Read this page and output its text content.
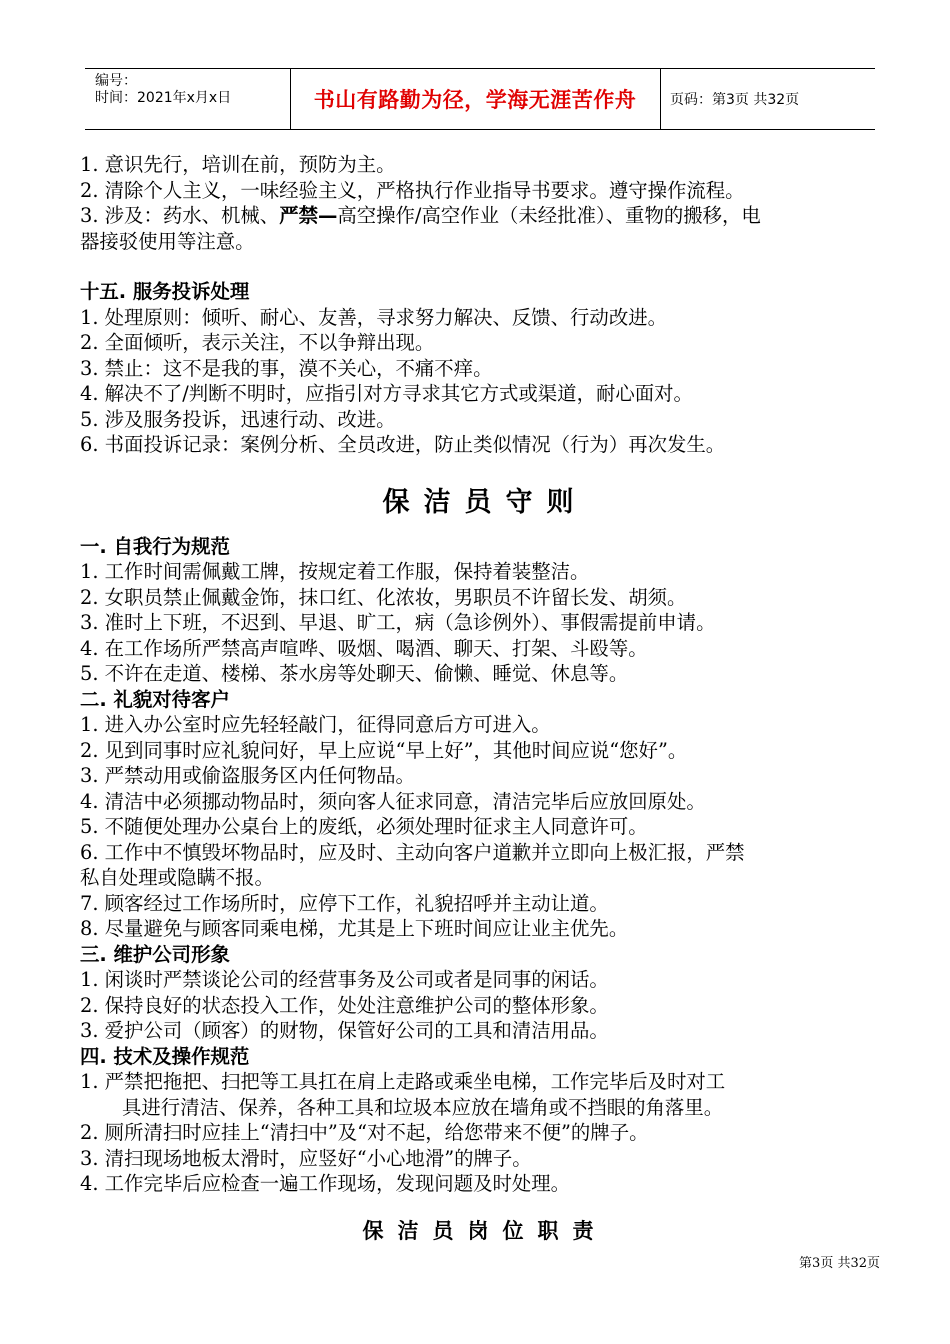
编号：
时间：2021年x月x日	书山有路勤为径，学海无涯苦作舟	页码：第3页 共32页
1. 意识先行，培训在前，预防为主。
2. 清除个人主义，一味经验主义，严格执行作业指导书要求。遵守操作流程。
3. 涉及：药水、机械、严禁—高空操作/高空作业（未经批准）、重物的搬移，电
器接驳使用等注意。
十五. 服务投诉处理
1. 处理原则：倾听、耐心、友善，寻求努力解决、反馈、行动改进。
2. 全面倾听，表示关注，不以争辩出现。
3. 禁止：这不是我的事，漠不关心，不痛不痒。
4. 解决不了/判断不明时，应指引对方寻求其它方式或渠道，耐心面对。
5. 涉及服务投诉，迅速行动、改进。
6. 书面投诉记录：案例分析、全员改进，防止类似情况（行为）再次发生。
保洁员守则
一. 自我行为规范
1. 工作时间需佩戴工牌，按规定着工作服，保持着装整洁。
2. 女职员禁止佩戴金饰，抹口红、化浓妆，男职员不许留长发、胡须。
3. 准时上下班，不迟到、早退、旷工，病（急诊例外）、事假需提前申请。
4. 在工作场所严禁高声喧哗、吸烟、喝酒、聊天、打架、斗殴等。
5. 不许在走道、楼梯、茶水房等处聊天、偷懒、睡觉、休息等。
二. 礼貌对待客户
1. 进入办公室时应先轻轻敲门，征得同意后方可进入。
2. 见到同事时应礼貌问好，早上应说“早上好”，其他时间应说“您好”。
3. 严禁动用或偷盗服务区内任何物品。
4. 清洁中必须挪动物品时，须向客人征求同意，清洁完毕后应放回原处。
5. 不随便处理办公桌台上的废纸，必须处理时征求主人同意许可。
6. 工作中不慎毁坏物品时，应及时、主动向客户道歉并立即向上极汇报，严禁
私自处理或隐瞒不报。
7. 顾客经过工作场所时，应停下工作，礼貌招呼并主动让道。
8. 尽量避免与顾客同乘电梯，尤其是上下班时间应让业主优先。
三. 维护公司形象
1. 闲谈时严禁谈论公司的经营事务及公司或者是同事的闲话。
2. 保持良好的状态投入工作，处处注意维护公司的整体形象。
3. 爱护公司（顾客）的财物，保管好公司的工具和清洁用品。
四. 技术及操作规范
1. 严禁把拖把、扫把等工具扛在肩上走路或乘坐电梯，工作完毕后及时对工
具进行清洁、保养，各种工具和垃圾本应放在墙角或不挡眼的角落里。
2. 厕所清扫时应挂上“清扫中”及“对不起，给您带来不便”的牌子。
3. 清扫现场地板太滑时，应竖好“小心地滑”的牌子。
4. 工作完毕后应检查一遍工作现场，发现问题及时处理。
保洁员岗位职责
第3页 共32页
